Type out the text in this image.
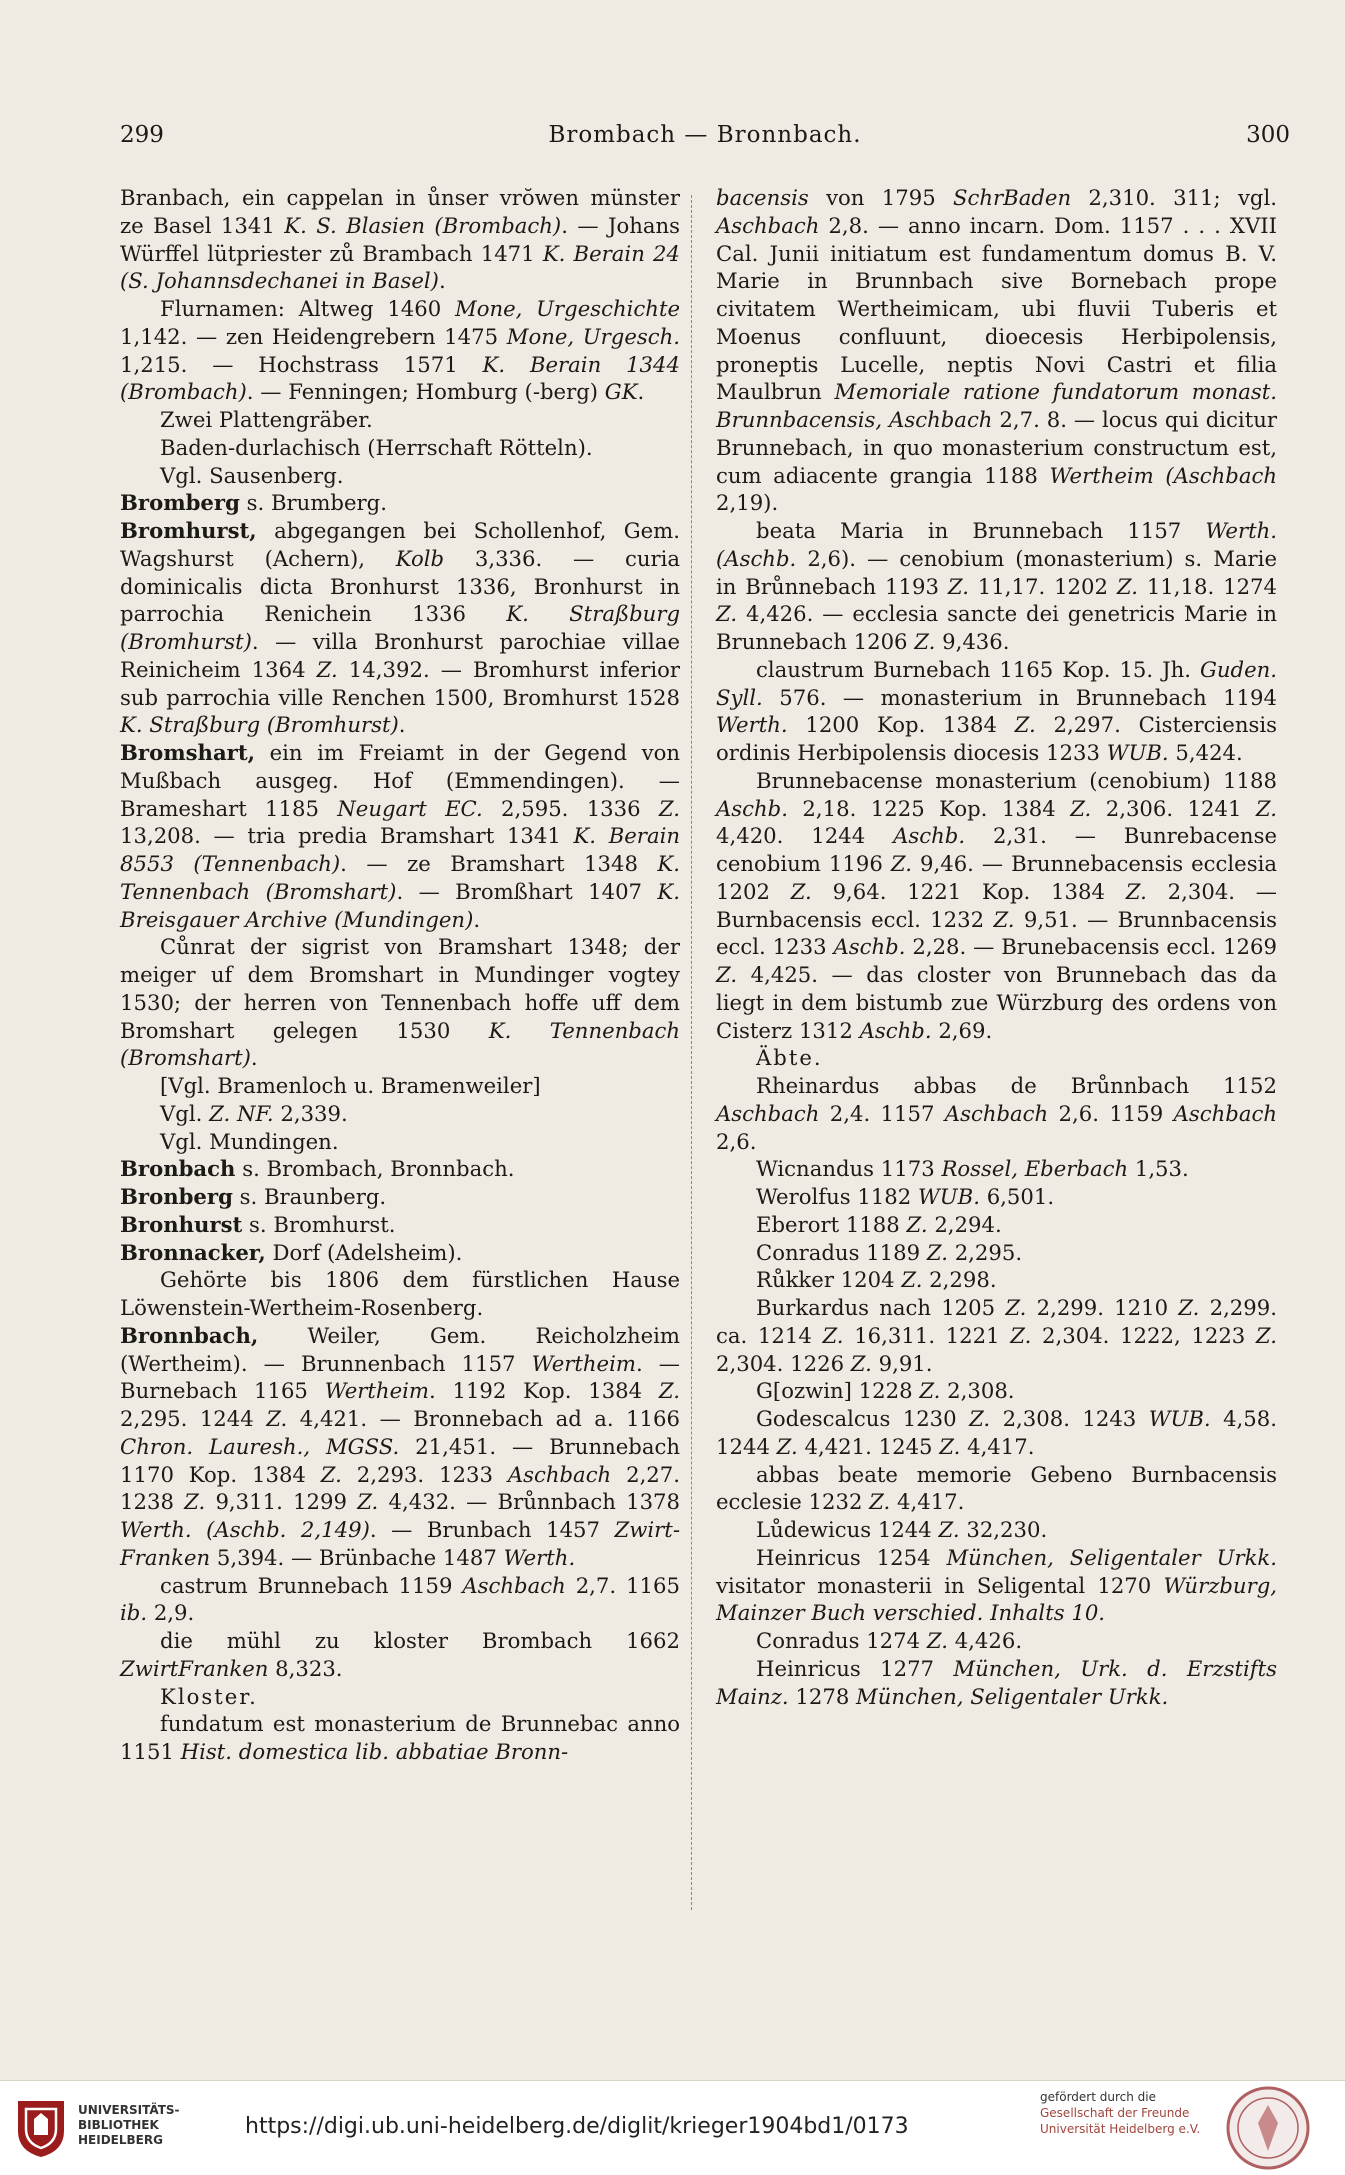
299	Brombach — Bronnbach.	300

Branbach, ein cappelan in ůnser vrŏwen münster ze Basel 1341 K. S. Blasien (Brombach). — Johans Würffel lütpriester zů Brambach 1471 K. Berain 24 (S. Johannsdechanei in Basel).

Flurnamen: Altweg 1460 Mone, Urgeschichte 1,142. — zen Heidengrebern 1475 Mone, Urgesch. 1,215. — Hochstrass 1571 K. Berain 1344 (Brombach). — Fenningen; Homburg (-berg) GK.

Zwei Plattengräber.

Baden-durlachisch (Herrschaft Rötteln).

Vgl. Sausenberg.

Bromberg s. Brumberg.

Bromhurst, abgegangen bei Schollenhof, Gem. Wagshurst (Achern), Kolb 3,336. — curia dominicalis dicta Bronhurst 1336, Bronhurst in parrochia Renichein 1336 K. Straßburg (Bromhurst). — villa Bronhurst parochiae villae Reinicheim 1364 Z. 14,392. — Bromhurst inferior sub parrochia ville Renchen 1500, Bromhurst 1528 K. Straßburg (Bromhurst).

Bromshart, ein im Freiamt in der Gegend von Mußbach ausgeg. Hof (Emmendingen). — Brameshart 1185 Neugart EC. 2,595. 1336 Z. 13,208. — tria predia Bramshart 1341 K. Berain 8553 (Tennenbach). — ze Bramshart 1348 K. Tennenbach (Bromshart). — Bromßhart 1407 K. Breisgauer Archive (Mundingen).

Cůnrat der sigrist von Bramshart 1348; der meiger uf dem Bromshart in Mundinger vogtey 1530; der herren von Tennenbach hoffe uff dem Bromshart gelegen 1530 K. Tennenbach (Bromshart).

[Vgl. Bramenloch u. Bramenweiler]

Vgl. Z. NF. 2,339.

Vgl. Mundingen.

Bronbach s. Brombach, Bronnbach.

Bronberg s. Braunberg.

Bronhurst s. Bromhurst.

Bronnacker, Dorf (Adelsheim).

Gehörte bis 1806 dem fürstlichen Hause Löwenstein-Wertheim-Rosenberg.

Bronnbach, Weiler, Gem. Reicholzheim (Wertheim). — Brunnenbach 1157 Wertheim. — Burnebach 1165 Wertheim. 1192 Kop. 1384 Z. 2,295. 1244 Z. 4,421. — Bronnebach ad a. 1166 Chron. Lauresh., MGSS. 21,451. — Brunnebach 1170 Kop. 1384 Z. 2,293. 1233 Aschbach 2,27. 1238 Z. 9,311. 1299 Z. 4,432. — Brůnnbach 1378 Werth. (Aschb. 2,149). — Brunbach 1457 Zwirt-Franken 5,394. — Brünbache 1487 Werth.

castrum Brunnebach 1159 Aschbach 2,7. 1165 ib. 2,9.

die mühl zu kloster Brombach 1662 ZwirtFranken 8,323.

Kloster.

fundatum est monasterium de Brunnebac anno 1151 Hist. domestica lib. abbatiae Bronn-

bacensis von 1795 SchrBaden 2,310. 311; vgl. Aschbach 2,8. — anno incarn. Dom. 1157 . . . XVII Cal. Junii initiatum est fundamentum domus B. V. Marie in Brunnbach sive Bornebach prope civitatem Wertheimicam, ubi fluvii Tuberis et Moenus confluunt, dioecesis Herbipolensis, proneptis Lucelle, neptis Novi Castri et filia Maulbrun Memoriale ratione fundatorum monast. Brunnbacensis, Aschbach 2,7. 8. — locus qui dicitur Brunnebach, in quo monasterium constructum est, cum adiacente grangia 1188 Wertheim (Aschbach 2,19).

beata Maria in Brunnebach 1157 Werth. (Aschb. 2,6). — cenobium (monasterium) s. Marie in Brůnnebach 1193 Z. 11,17. 1202 Z. 11,18. 1274 Z. 4,426. — ecclesia sancte dei genetricis Marie in Brunnebach 1206 Z. 9,436.

claustrum Burnebach 1165 Kop. 15. Jh. Guden. Syll. 576. — monasterium in Brunnebach 1194 Werth. 1200 Kop. 1384 Z. 2,297. Cisterciensis ordinis Herbipolensis diocesis 1233 WUB. 5,424.

Brunnebacense monasterium (cenobium) 1188 Aschb. 2,18. 1225 Kop. 1384 Z. 2,306. 1241 Z. 4,420. 1244 Aschb. 2,31. — Bunrebacense cenobium 1196 Z. 9,46. — Brunnebacensis ecclesia 1202 Z. 9,64. 1221 Kop. 1384 Z. 2,304. — Burnbacensis eccl. 1232 Z. 9,51. — Brunnbacensis eccl. 1233 Aschb. 2,28. — Brunebacensis eccl. 1269 Z. 4,425. — das closter von Brunnebach das da liegt in dem bistumb zue Würzburg des ordens von Cisterz 1312 Aschb. 2,69.

Äbte.

Rheinardus abbas de Brůnnbach 1152 Aschbach 2,4. 1157 Aschbach 2,6. 1159 Aschbach 2,6.

Wicnandus 1173 Rossel, Eberbach 1,53.

Werolfus 1182 WUB. 6,501.

Eberort 1188 Z. 2,294.

Conradus 1189 Z. 2,295.

Růkker 1204 Z. 2,298.

Burkardus nach 1205 Z. 2,299. 1210 Z. 2,299. ca. 1214 Z. 16,311. 1221 Z. 2,304. 1222, 1223 Z. 2,304. 1226 Z. 9,91.

G[ozwin] 1228 Z. 2,308.

Godescalcus 1230 Z. 2,308. 1243 WUB. 4,58. 1244 Z. 4,421. 1245 Z. 4,417.

abbas beate memorie Gebeno Burnbacensis ecclesie 1232 Z. 4,417.

Lůdewicus 1244 Z. 32,230.

Heinricus 1254 München, Seligentaler Urkk. visitator monasterii in Seligental 1270 Würzburg, Mainzer Buch verschied. Inhalts 10.

Conradus 1274 Z. 4,426.

Heinricus 1277 München, Urk. d. Erzstifts Mainz. 1278 München, Seligentaler Urkk.

UNIVERSITÄTS-
BIBLIOTHEK
HEIDELBERG
https://digi.ub.uni-heidelberg.de/diglit/krieger1904bd1/0173
gefördert durch die
Gesellschaft der Freunde
Universität Heidelberg e.V.
